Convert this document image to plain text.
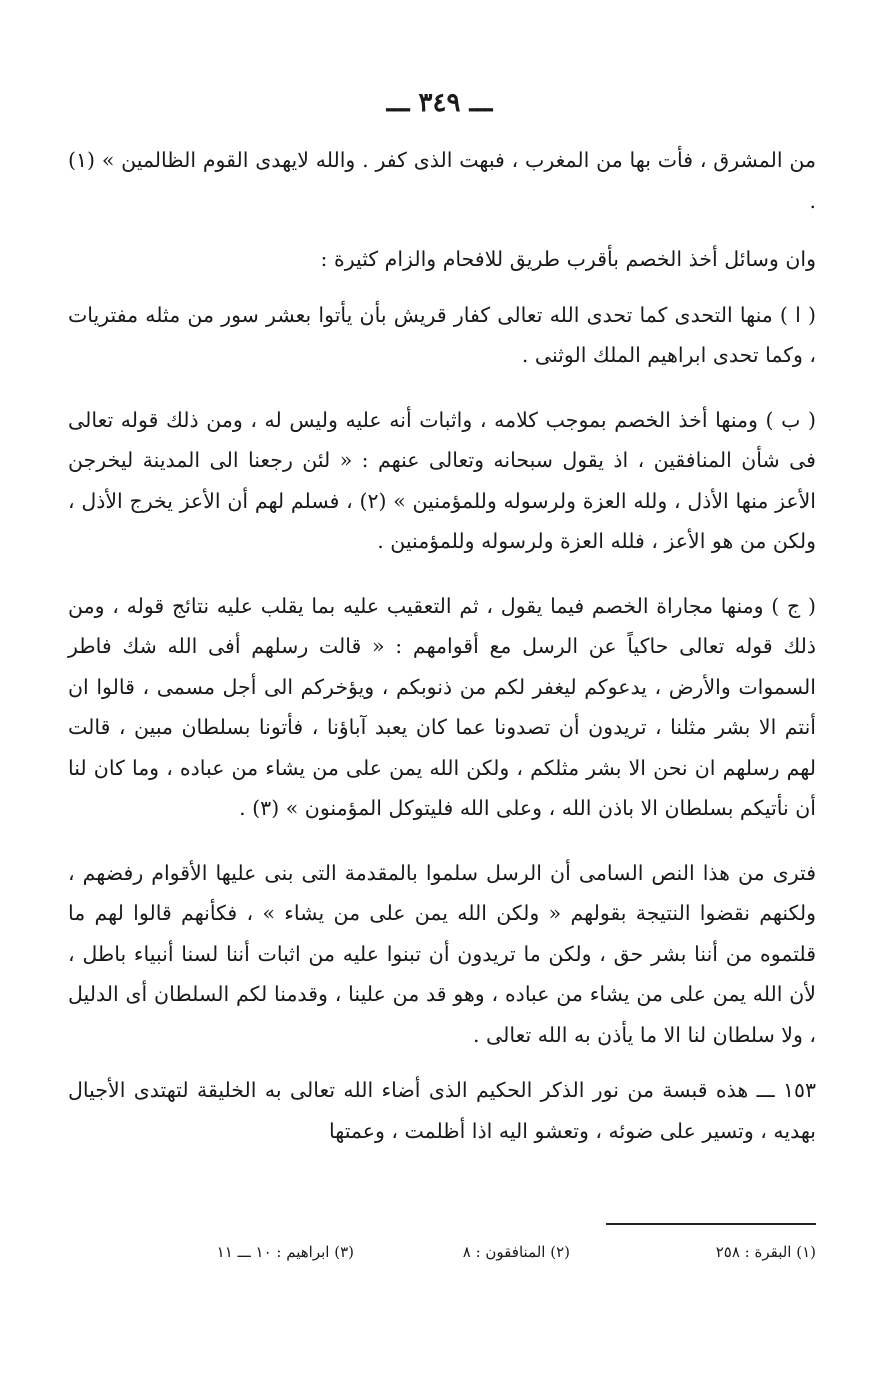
ـــ ٣٤٩ ـــ

من المشرق ، فأت بها من المغرب ، فبهت الذى كفر . والله لايهدى القوم الظالمين » (١) .

وان وسائل أخذ الخصم بأقرب طريق للافحام والزام كثيرة :

( ا ) منها التحدى كما تحدى الله تعالى كفار قريش بأن يأتوا بعشر سور من مثله مفتريات ، وكما تحدى ابراهيم الملك الوثنى .

( ب ) ومنها أخذ الخصم بموجب كلامه ، واثبات أنه عليه وليس له ، ومن ذلك قوله تعالى فى شأن المنافقين ، اذ يقول سبحانه وتعالى عنهم : « لئن رجعنا الى المدينة ليخرجن الأعز منها الأذل ، ولله العزة ولرسوله وللمؤمنين » (٢) ، فسلم لهم أن الأعز يخرج الأذل ، ولكن من هو الأعز ، فلله العزة ولرسوله وللمؤمنين .

( ج ) ومنها مجاراة الخصم فيما يقول ، ثم التعقيب عليه بما يقلب عليه نتائج قوله ، ومن ذلك قوله تعالى حاكياً عن الرسل مع أقوامهم : « قالت رسلهم أفى الله شك فاطر السموات والأرض ، يدعوكم ليغفر لكم من ذنوبكم ، ويؤخركم الى أجل مسمى ، قالوا ان أنتم الا بشر مثلنا ، تريدون أن تصدونا عما كان يعبد آباؤنا ، فأتونا بسلطان مبين ، قالت لهم رسلهم ان نحن الا بشر مثلكم ، ولكن الله يمن على من يشاء من عباده ، وما كان لنا أن نأتيكم بسلطان الا باذن الله ، وعلى الله فليتوكل المؤمنون » (٣) .

فترى من هذا النص السامى أن الرسل سلموا بالمقدمة التى بنى عليها الأقوام رفضهم ، ولكنهم نقضوا النتيجة بقولهم « ولكن الله يمن على من يشاء » ، فكأنهم قالوا لهم ما قلتموه من أننا بشر حق ، ولكن ما تريدون أن تبنوا عليه من اثبات أننا لسنا أنبياء باطل ، لأن الله يمن على من يشاء من عباده ، وهو قد من علينا ، وقدمنا لكم السلطان أى الدليل ، ولا سلطان لنا الا ما يأذن به الله تعالى .

١٥٣ ـــ هذه قبسة من نور الذكر الحكيم الذى أضاء الله تعالى به الخليقة لتهتدى الأجيال بهديه ، وتسير على ضوئه ، وتعشو اليه اذا أظلمت ، وعمتها

(١) البقرة : ٢٥٨
(٢) المنافقون : ٨
(٣) ابراهيم : ١٠ ـــ ١١
